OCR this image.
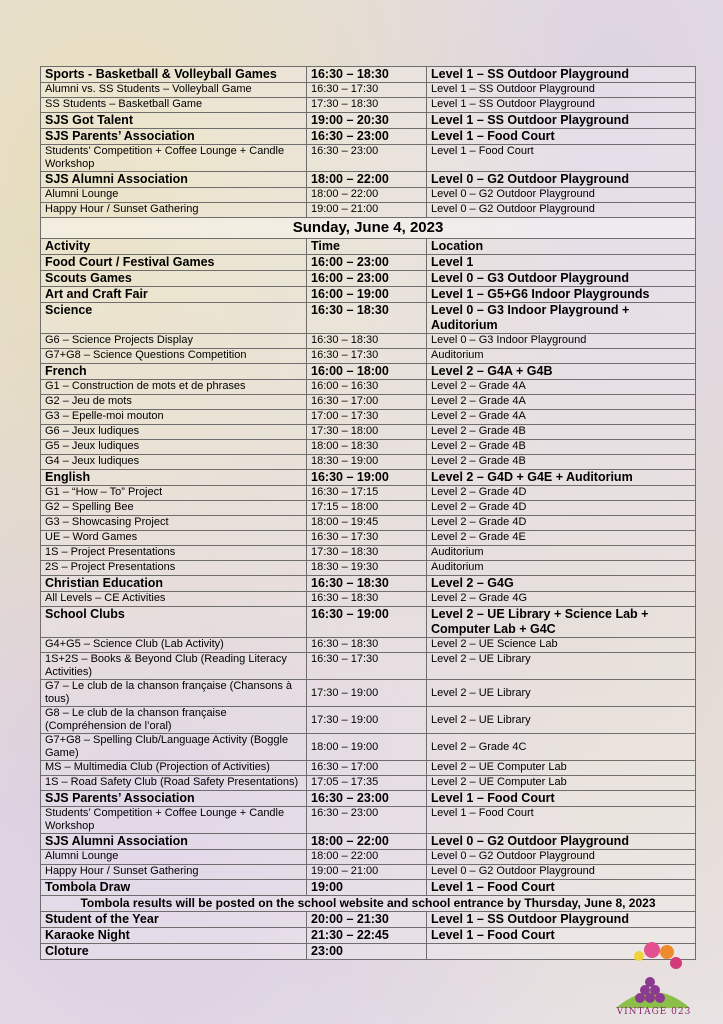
Sports - Basketball & Volleyball Games	16:30 – 18:30	Level 1 – SS Outdoor Playground
Alumni vs. SS Students – Volleyball Game	16:30 – 17:30	Level 1 – SS Outdoor Playground
SS Students – Basketball Game	17:30 – 18:30	Level 1 – SS Outdoor Playground
SJS Got Talent	19:00 – 20:30	Level 1 – SS Outdoor Playground
SJS Parents’ Association	16:30 – 23:00	Level 1 – Food Court
Students’ Competition + Coffee Lounge + Candle Workshop	16:30 – 23:00	Level 1 – Food Court
SJS Alumni Association	18:00 – 22:00	Level 0 – G2 Outdoor Playground
Alumni Lounge	18:00 – 22:00	Level 0 – G2 Outdoor Playground
Happy Hour / Sunset Gathering	19:00 – 21:00	Level 0 – G2 Outdoor Playground
Sunday, June 4, 2023		
Activity	Time	Location
Food Court / Festival Games	16:00 – 23:00	Level 1
Scouts Games	16:00 – 23:00	Level 0 – G3 Outdoor Playground
Art and Craft Fair	16:00 – 19:00	Level 1 – G5+G6 Indoor Playgrounds
Science	16:30 – 18:30	Level 0 – G3 Indoor Playground + Auditorium
G6 – Science Projects Display	16:30 – 18:30	Level 0 – G3 Indoor Playground
G7+G8 – Science Questions Competition	16:30 – 17:30	Auditorium
French	16:00 – 18:00	Level 2 – G4A + G4B
G1 – Construction de mots et de phrases	16:00 – 16:30	Level 2 – Grade 4A
G2 – Jeu de mots	16:30 – 17:00	Level 2 – Grade 4A
G3 – Epelle-moi mouton	17:00 – 17:30	Level 2 – Grade 4A
G6 – Jeux ludiques	17:30 – 18:00	Level 2 – Grade 4B
G5 – Jeux ludiques	18:00 – 18:30	Level 2 – Grade 4B
G4 – Jeux ludiques	18:30 – 19:00	Level 2 – Grade 4B
English	16:30 – 19:00	Level 2 – G4D + G4E + Auditorium
G1 – “How – To” Project	16:30 – 17:15	Level 2 – Grade 4D
G2 – Spelling Bee	17:15 – 18:00	Level 2 – Grade 4D
G3 – Showcasing Project	18:00 – 19:45	Level 2 – Grade 4D
UE – Word Games	16:30 – 17:30	Level 2 – Grade 4E
1S – Project Presentations	17:30 – 18:30	Auditorium
2S – Project Presentations	18:30 – 19:30	Auditorium
Christian Education	16:30 – 18:30	Level 2 – G4G
All Levels – CE Activities	16:30 – 18:30	Level 2 – Grade 4G
School Clubs	16:30 – 19:00	Level 2 – UE Library + Science Lab + Computer Lab + G4C
G4+G5 – Science Club (Lab Activity)	16:30 – 18:30	Level 2 – UE Science Lab
1S+2S – Books & Beyond Club (Reading Literacy Activities)	16:30 – 17:30	Level 2 – UE Library
G7 – Le club de la chanson française (Chansons à tous)	17:30 – 19:00	Level 2 – UE Library
G8 – Le club de la chanson française (Compréhension de l’oral)	17:30 – 19:00	Level 2 – UE Library
G7+G8 – Spelling Club/Language Activity (Boggle Game)	18:00 – 19:00	Level 2 – Grade 4C
MS – Multimedia Club (Projection of Activities)	16:30 – 17:00	Level 2 – UE Computer Lab
1S – Road Safety Club (Road Safety Presentations)	17:05 – 17:35	Level 2 – UE Computer Lab
SJS Parents’ Association	16:30 – 23:00	Level 1 – Food Court
Students’ Competition + Coffee Lounge + Candle Workshop	16:30 – 23:00	Level 1 – Food Court
SJS Alumni Association	18:00 – 22:00	Level 0 – G2 Outdoor Playground
Alumni Lounge	18:00 – 22:00	Level 0 – G2 Outdoor Playground
Happy Hour / Sunset Gathering	19:00 – 21:00	Level 0 – G2 Outdoor Playground
Tombola Draw	19:00	Level 1 – Food Court
Tombola results will be posted on the school website and school entrance by Thursday, June 8, 2023		
Student of the Year	20:00 – 21:30	Level 1 – SS Outdoor Playground
Karaoke Night	21:30 – 22:45	Level 1 – Food Court
Cloture	23:00	
VINTAGE 023
